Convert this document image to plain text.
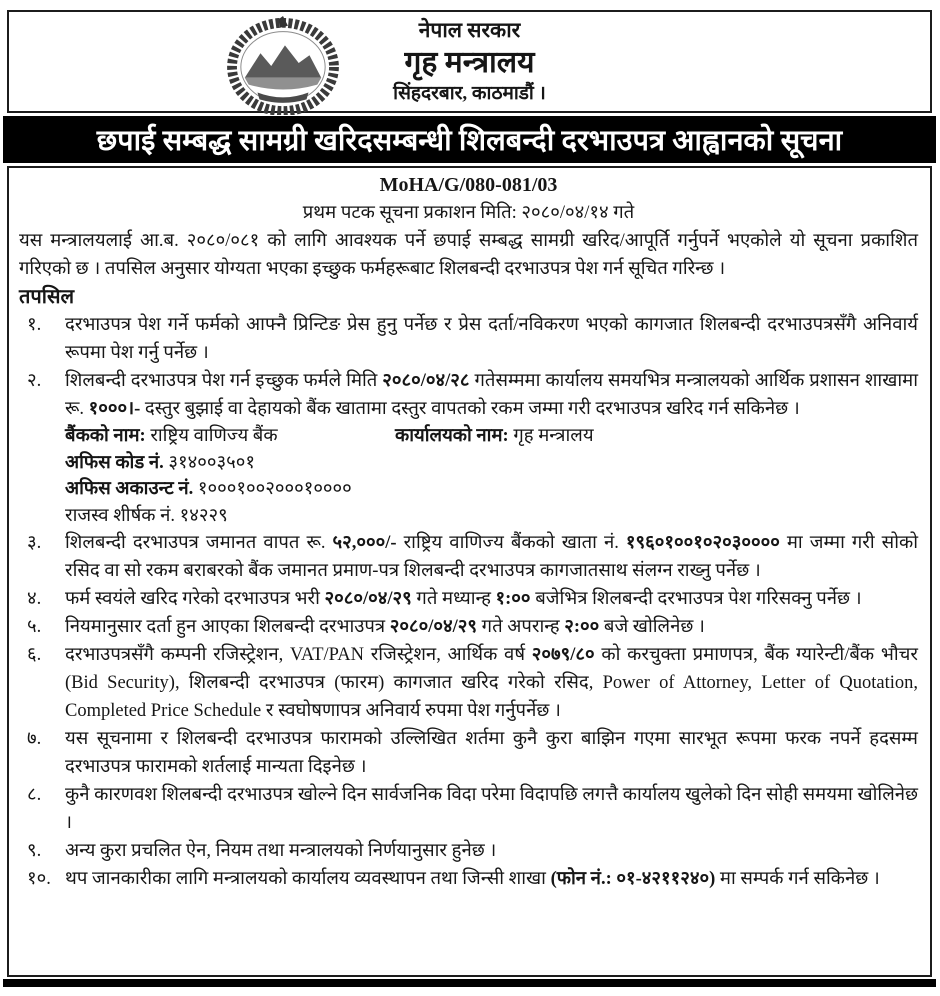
नेपाल सरकार
गृह मन्त्रालय
सिंहदरबार, काठमाडौं ।
छपाई सम्बद्ध सामग्री खरिदसम्बन्धी शिलबन्दी दरभाउपत्र आह्वानको सूचना
MoHA/G/080-081/03
प्रथम पटक सूचना प्रकाशन मिति: २०८०/०४/१४ गते
यस मन्त्रालयलाई आ.ब. २०८०/०८१ को लागि आवश्यक पर्ने छपाई सम्बद्ध सामग्री खरिद/आपूर्ति गर्नुपर्ने भएकोले यो सूचना प्रकाशित गरिएको छ । तपसिल अनुसार योग्यता भएका इच्छुक फर्महरूबाट शिलबन्दी दरभाउपत्र पेश गर्न सूचित गरिन्छ ।
तपसिल
१.	दरभाउपत्र पेश गर्ने फर्मको आफ्नै प्रिन्टिङ प्रेस हुनु पर्नेछ र प्रेस दर्ता/नविकरण भएको कागजात शिलबन्दी दरभाउपत्रसँगै अनिवार्य रूपमा पेश गर्नु पर्नेछ ।
२.	शिलबन्दी दरभाउपत्र पेश गर्न इच्छुक फर्मले मिति २०८०/०४/२८ गतेसम्ममा कार्यालय समयभित्र मन्त्रालयको आर्थिक प्रशासन शाखामा रू. १०००।- दस्तुर बुझाई वा देहायको बैंक खातामा दस्तुर वापतको रकम जम्मा गरी दरभाउपत्र खरिद गर्न सकिनेछ ।
बैंकको नाम: राष्ट्रिय वाणिज्य बैंक	कार्यालयको नाम: गृह मन्त्रालय
अफिस कोड नं. ३१४००३५०१
अफिस अकाउन्ट नं. १०००१००२०००१००००
राजस्व शीर्षक नं. १४२२९
३.	शिलबन्दी दरभाउपत्र जमानत वापत रू. ५२,०००/- राष्ट्रिय वाणिज्य बैंकको खाता नं. १९६०१००१०२०३०००० मा जम्मा गरी सोको रसिद वा सो रकम बराबरको बैंक जमानत प्रमाण-पत्र शिलबन्दी दरभाउपत्र कागजातसाथ संलग्न राख्नु पर्नेछ ।
४.	फर्म स्वयंले खरिद गरेको दरभाउपत्र भरी २०८०/०४/२९ गते मध्यान्ह १:०० बजेभित्र शिलबन्दी दरभाउपत्र पेश गरिसक्नु पर्नेछ ।
५.	नियमानुसार दर्ता हुन आएका शिलबन्दी दरभाउपत्र २०८०/०४/२९ गते अपरान्ह २:०० बजे खोलिनेछ ।
६.	दरभाउपत्रसँगै कम्पनी रजिस्ट्रेशन, VAT/PAN रजिस्ट्रेशन, आर्थिक वर्ष २०७९/८० को करचुक्ता प्रमाणपत्र, बैंक ग्यारेन्टी/बैंक भौचर (Bid Security), शिलबन्दी दरभाउपत्र (फारम) कागजात खरिद गरेको रसिद, Power of Attorney, Letter of Quotation, Completed Price Schedule र स्वघोषणापत्र अनिवार्य रुपमा पेश गर्नुपर्नेछ ।
७.	यस सूचनामा र शिलबन्दी दरभाउपत्र फारामको उल्लिखित शर्तमा कुनै कुरा बाझिन गएमा सारभूत रूपमा फरक नपर्ने हदसम्म दरभाउपत्र फारामको शर्तलाई मान्यता दिइनेछ ।
८.	कुनै कारणवश शिलबन्दी दरभाउपत्र खोल्ने दिन सार्वजनिक विदा परेमा विदापछि लगत्तै कार्यालय खुलेको दिन सोही समयमा खोलिनेछ ।
९.	अन्य कुरा प्रचलित ऐन, नियम तथा मन्त्रालयको निर्णयानुसार हुनेछ ।
१०. थप जानकारीका लागि मन्त्रालयको कार्यालय व्यवस्थापन तथा जिन्सी शाखा (फोन नं.: ०१-४२११२४०) मा सम्पर्क गर्न सकिनेछ ।
